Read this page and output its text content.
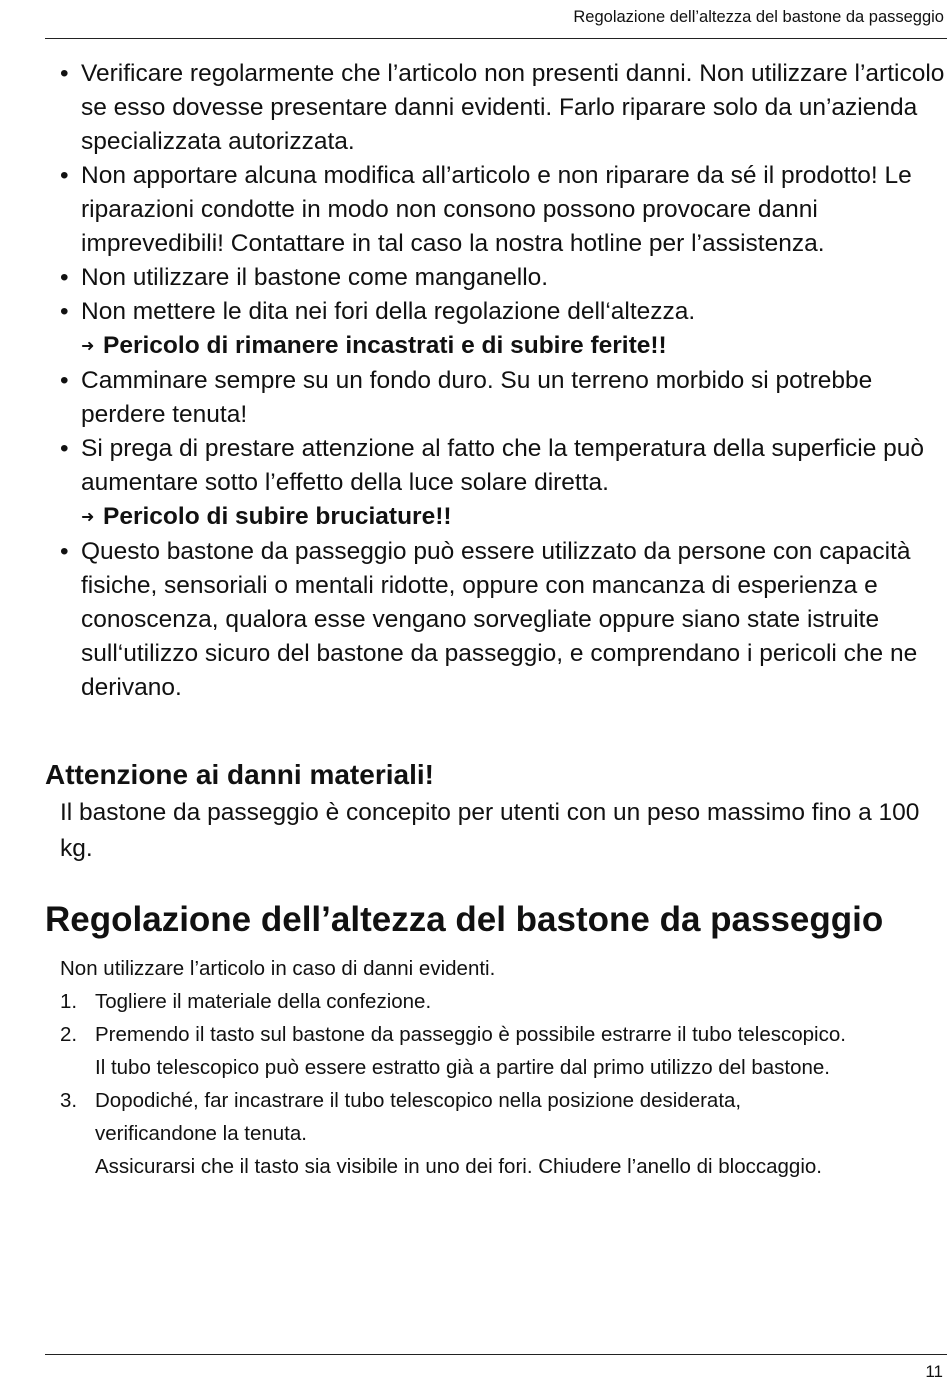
Regolazione dell’altezza del bastone da passeggio
• Verificare regolarmente che l’articolo non presenti danni. Non utilizzare l’articolo se esso dovesse presentare danni evidenti. Farlo riparare solo da un’azienda specializzata autorizzata.
• Non apportare alcuna modifica all’articolo e non riparare da sé il prodotto! Le riparazioni condotte in modo non consono possono provocare danni imprevedibili! Contattare in tal caso la nostra hotline per l’assistenza.
• Non utilizzare il bastone come manganello.
• Non mettere le dita nei fori della regolazione dell‘altezza.
➜ Pericolo di rimanere incastrati e di subire ferite!!
• Camminare sempre su un fondo duro. Su un terreno morbido si potrebbe perdere tenuta!
• Si prega di prestare attenzione al fatto che la temperatura della superficie può aumentare sotto l’effetto della luce solare diretta.
➜ Pericolo di subire bruciature!!
• Questo bastone da passeggio può essere utilizzato da persone con capacità fisiche, sensoriali o mentali ridotte, oppure con mancanza di esperienza e conoscenza, qualora esse vengano sorvegliate oppure siano state istruite sull‘utilizzo sicuro del bastone da passeggio, e comprendano i pericoli che ne derivano.
Attenzione ai danni materiali!

Il bastone da passeggio è concepito per utenti con un peso massimo fino a 100 kg.

Regolazione dell’altezza del bastone da passeggio

Non utilizzare l’articolo in caso di danni evidenti.

1. Togliere il materiale della confezione.
2. Premendo il tasto sul bastone da passeggio è possibile estrarre il tubo telescopico.
Il tubo telescopico può essere estratto già a partire dal primo utilizzo del bastone.
3. Dopodiché, far incastrare il tubo telescopico nella posizione desiderata,
verificandone la tenuta.
Assicurarsi che il tasto sia visibile in uno dei fori. Chiudere l’anello di bloccaggio.
11
